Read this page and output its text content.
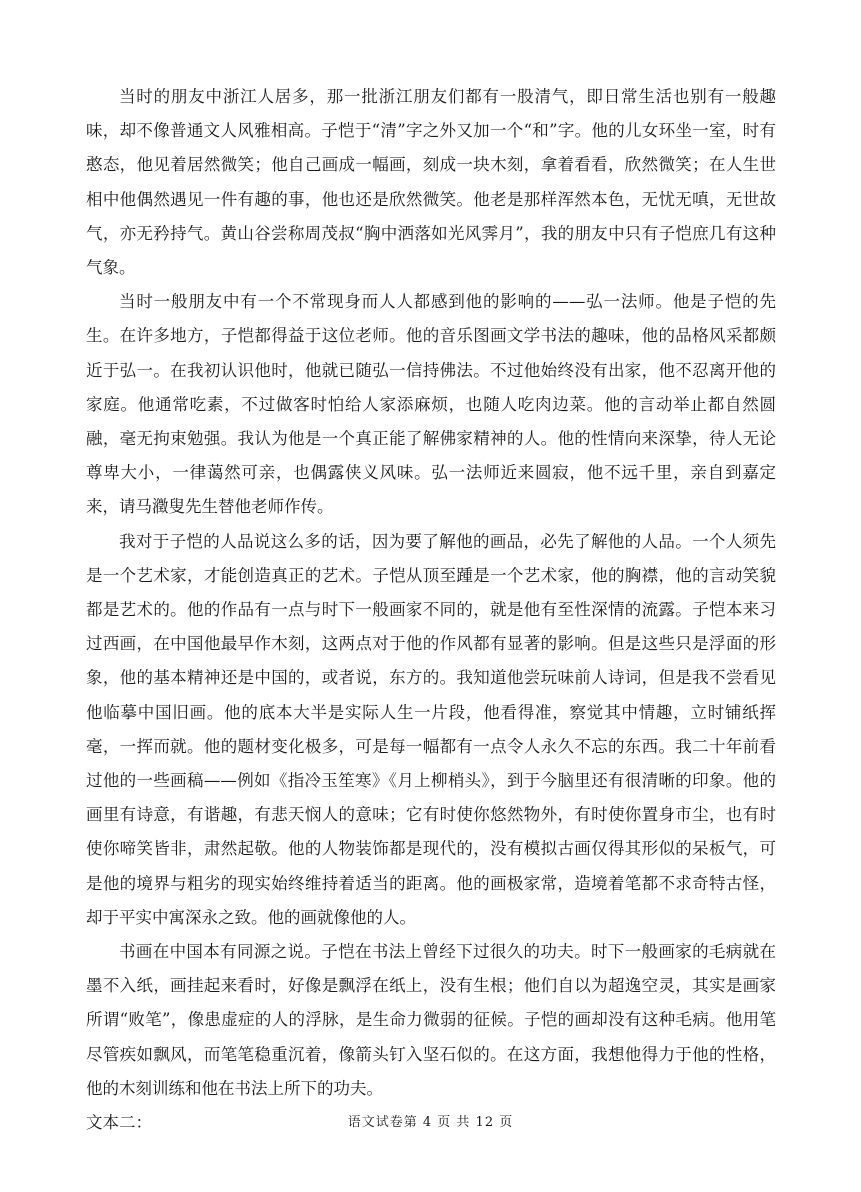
当时的朋友中浙江人居多，那一批浙江朋友们都有一股清气，即日常生活也别有一般趣味，却不像普通文人风雅相高。子恺于“清”字之外又加一个“和”字。他的儿女环坐一室，时有憨态，他见着居然微笑；他自己画成一幅画，刻成一块木刻，拿着看看，欣然微笑；在人生世相中他偶然遇见一件有趣的事，他也还是欣然微笑。他老是那样浑然本色，无忧无嗔，无世故气，亦无矜持气。黄山谷尝称周茂叔“胸中洒落如光风霁月”，我的朋友中只有子恺庶几有这种气象。

当时一般朋友中有一个不常现身而人人都感到他的影响的——弘一法师。他是子恺的先生。在许多地方，子恺都得益于这位老师。他的音乐图画文学书法的趣味，他的品格风采都颇近于弘一。在我初认识他时，他就已随弘一信持佛法。不过他始终没有出家，他不忍离开他的家庭。他通常吃素，不过做客时怕给人家添麻烦，也随人吃肉边菜。他的言动举止都自然圆融，毫无拘束勉强。我认为他是一个真正能了解佛家精神的人。他的性情向来深挚，待人无论尊卑大小，一律蔼然可亲，也偶露侠义风味。弘一法师近来圆寂，他不远千里，亲自到嘉定来，请马瀓叟先生替他老师作传。

我对于子恺的人品说这么多的话，因为要了解他的画品，必先了解他的人品。一个人须先是一个艺术家，才能创造真正的艺术。子恺从顶至踵是一个艺术家，他的胸襟，他的言动笑貌都是艺术的。他的作品有一点与时下一般画家不同的，就是他有至性深情的流露。子恺本来习过西画，在中国他最早作木刻，这两点对于他的作风都有显著的影响。但是这些只是浮面的形象，他的基本精神还是中国的，或者说，东方的。我知道他尝玩味前人诗词，但是我不尝看见他临摹中国旧画。他的底本大半是实际人生一片段，他看得准，察觉其中情趣，立时铺纸挥毫，一挥而就。他的题材变化极多，可是每一幅都有一点令人永久不忘的东西。我二十年前看过他的一些画稿——例如《指冷玉笙寒》《月上柳梢头》，到于今脑里还有很清晰的印象。他的画里有诗意，有谐趣，有悲天悯人的意味；它有时使你悠然物外，有时使你置身市尘，也有时使你啼笑皆非，肃然起敬。他的人物装饰都是现代的，没有模拟古画仅得其形似的呆板气，可是他的境界与粗劣的现实始终维持着适当的距离。他的画极家常，造境着笔都不求奇特古怪，却于平实中寓深永之致。他的画就像他的人。

书画在中国本有同源之说。子恺在书法上曾经下过很久的功夫。时下一般画家的毛病就在墨不入纸，画挂起来看时，好像是飘浮在纸上，没有生根；他们自以为超逸空灵，其实是画家所谓“败笔”，像患虚症的人的浮脉，是生命力微弱的征候。子恺的画却没有这种毛病。他用笔尽管疾如飘风，而笔笔稳重沉着，像箭头钉入坚石似的。在这方面，我想他得力于他的性格，他的木刻训练和他在书法上所下的功夫。

文本二：	语文试卷第 4 页 共 12 页
